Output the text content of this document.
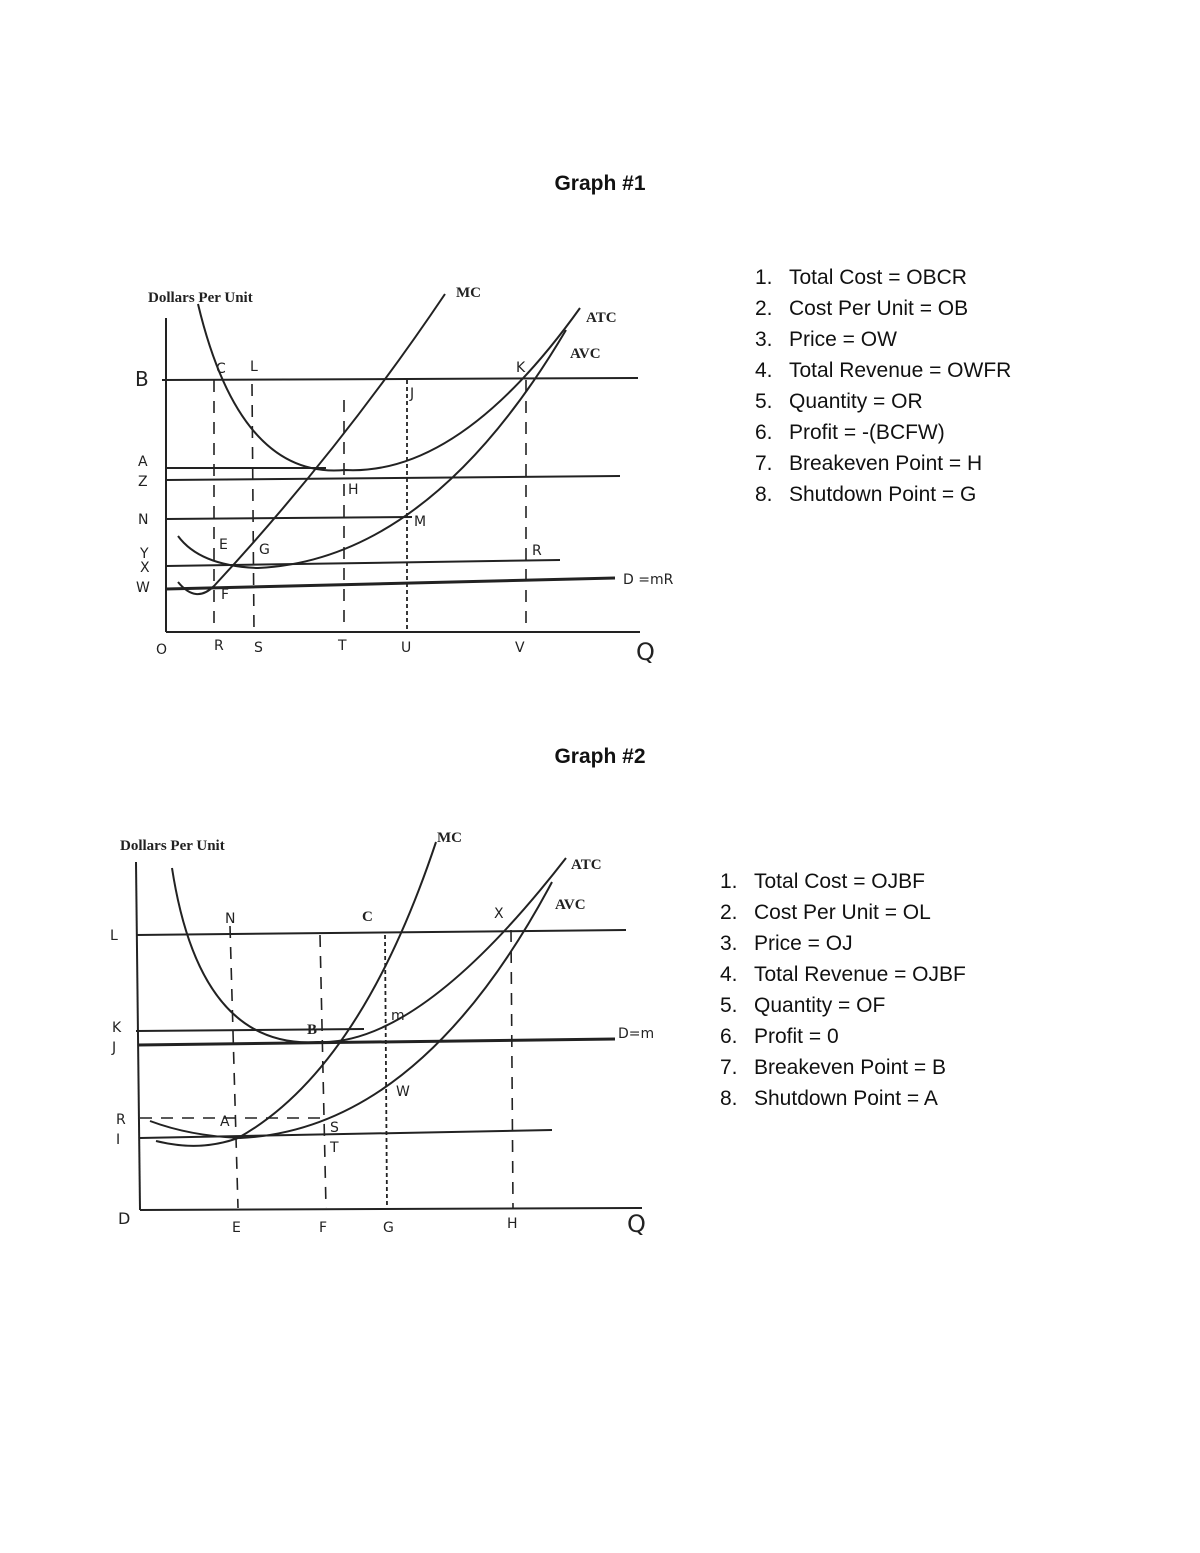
Graph #1
Dollars Per Unit	MC
ATC
AVC
D =mR
Q
O
B
A
Z
N
Y
X
W
R S	T	U	V
C L
J
K
H
M
E G
F
R
1. Total Cost = OBCR
2. Cost Per Unit = OB
3. Price = OW
4. Total Revenue = OWFR
5. Quantity = OR
6. Profit = -(BCFW)
7. Breakeven Point = H
8. Shutdown Point = G
Graph #2
Dollars Per Unit	MC
ATC
AVC
D=m
Q
D
L
K
J
R
I
E	F	G	H
N	C	X
B
m
W
A	S
T
1. Total Cost = OJBF
2. Cost Per Unit = OL
3. Price = OJ
4. Total Revenue = OJBF
5. Quantity = OF
6. Profit = 0
7. Breakeven Point = B
8. Shutdown Point = A
